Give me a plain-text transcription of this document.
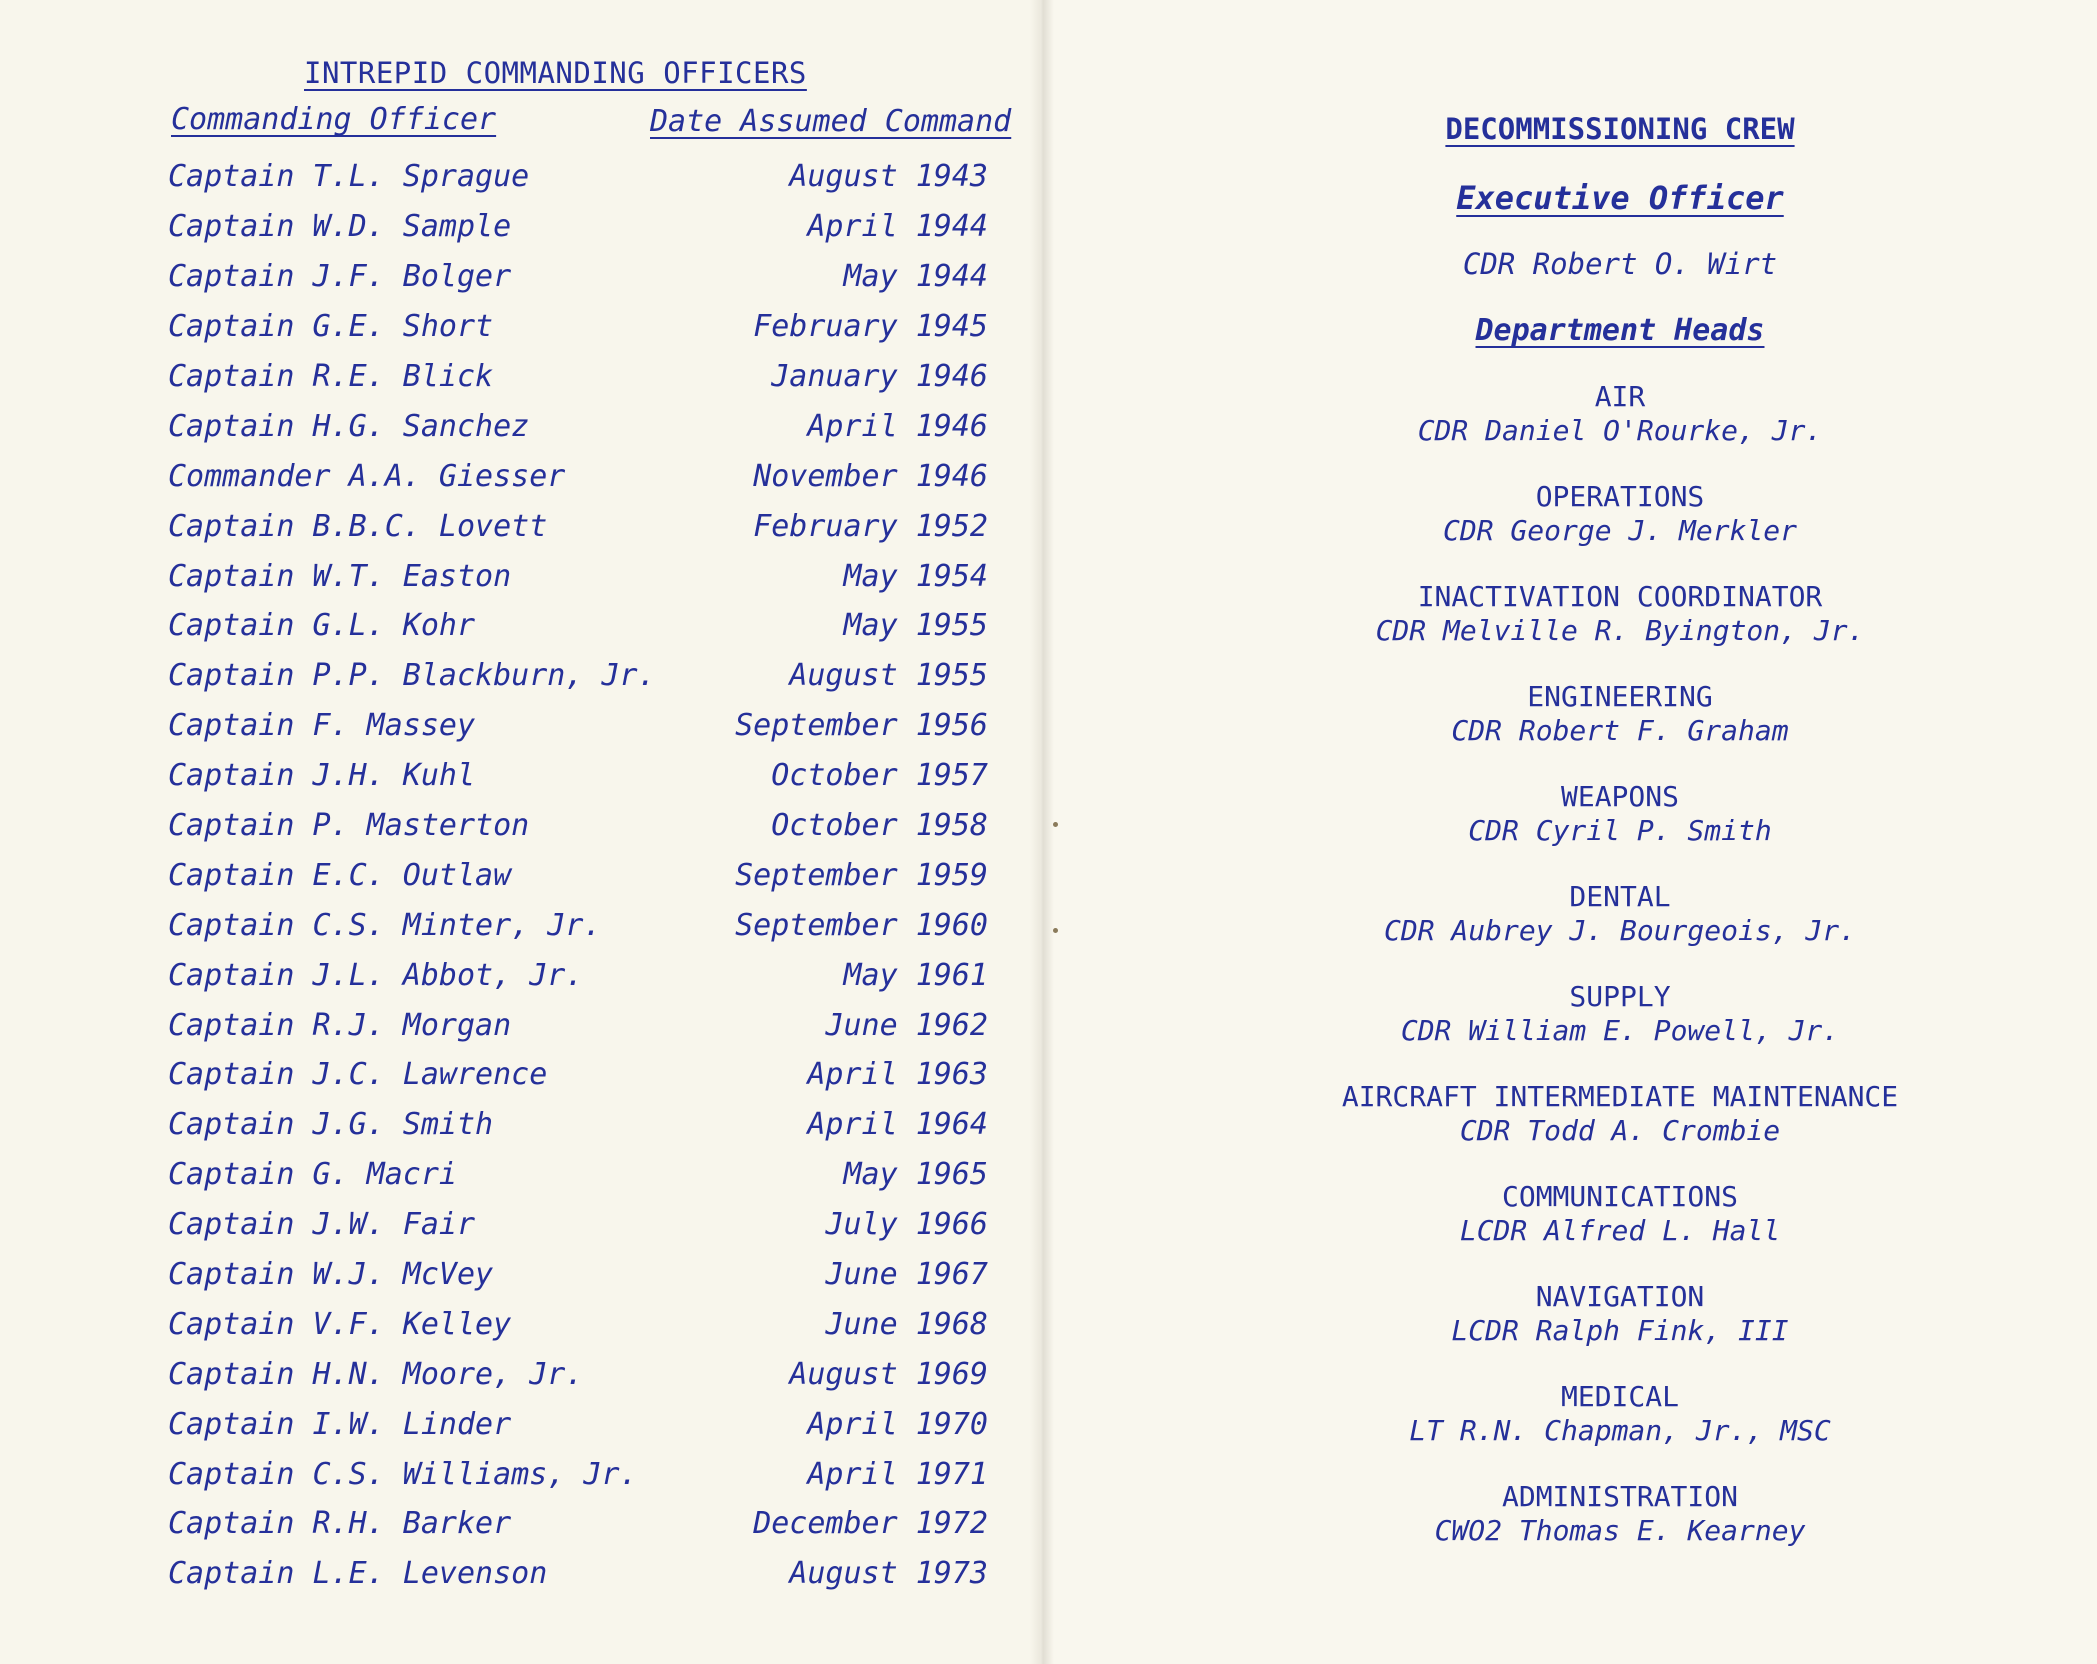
INTREPID COMMANDING OFFICERS
Commanding Officer	Date Assumed Command
Captain T.L. Sprague	August 1943
Captain W.D. Sample	April 1944
Captain J.F. Bolger	May 1944
Captain G.E. Short	February 1945
Captain R.E. Blick	January 1946
Captain H.G. Sanchez	April 1946
Commander A.A. Giesser	November 1946
Captain B.B.C. Lovett	February 1952
Captain W.T. Easton	May 1954
Captain G.L. Kohr	May 1955
Captain P.P. Blackburn, Jr.	August 1955
Captain F. Massey	September 1956
Captain J.H. Kuhl	October 1957
Captain P. Masterton	October 1958
Captain E.C. Outlaw	September 1959
Captain C.S. Minter, Jr.	September 1960
Captain J.L. Abbot, Jr.	May 1961
Captain R.J. Morgan	June 1962
Captain J.C. Lawrence	April 1963
Captain J.G. Smith	April 1964
Captain G. Macri	May 1965
Captain J.W. Fair	July 1966
Captain W.J. McVey	June 1967
Captain V.F. Kelley	June 1968
Captain H.N. Moore, Jr.	August 1969
Captain I.W. Linder	April 1970
Captain C.S. Williams, Jr.	April 1971
Captain R.H. Barker	December 1972
Captain L.E. Levenson	August 1973
DECOMMISSIONING CREW
Executive Officer
CDR Robert O. Wirt
Department Heads
AIR
CDR Daniel O'Rourke, Jr.
OPERATIONS
CDR George J. Merkler
INACTIVATION COORDINATOR
CDR Melville R. Byington, Jr.
ENGINEERING
CDR Robert F. Graham
WEAPONS
CDR Cyril P. Smith
DENTAL
CDR Aubrey J. Bourgeois, Jr.
SUPPLY
CDR William E. Powell, Jr.
AIRCRAFT INTERMEDIATE MAINTENANCE
CDR Todd A. Crombie
COMMUNICATIONS
LCDR Alfred L. Hall
NAVIGATION
LCDR Ralph Fink, III
MEDICAL
LT R.N. Chapman, Jr., MSC
ADMINISTRATION
CWO2 Thomas E. Kearney
